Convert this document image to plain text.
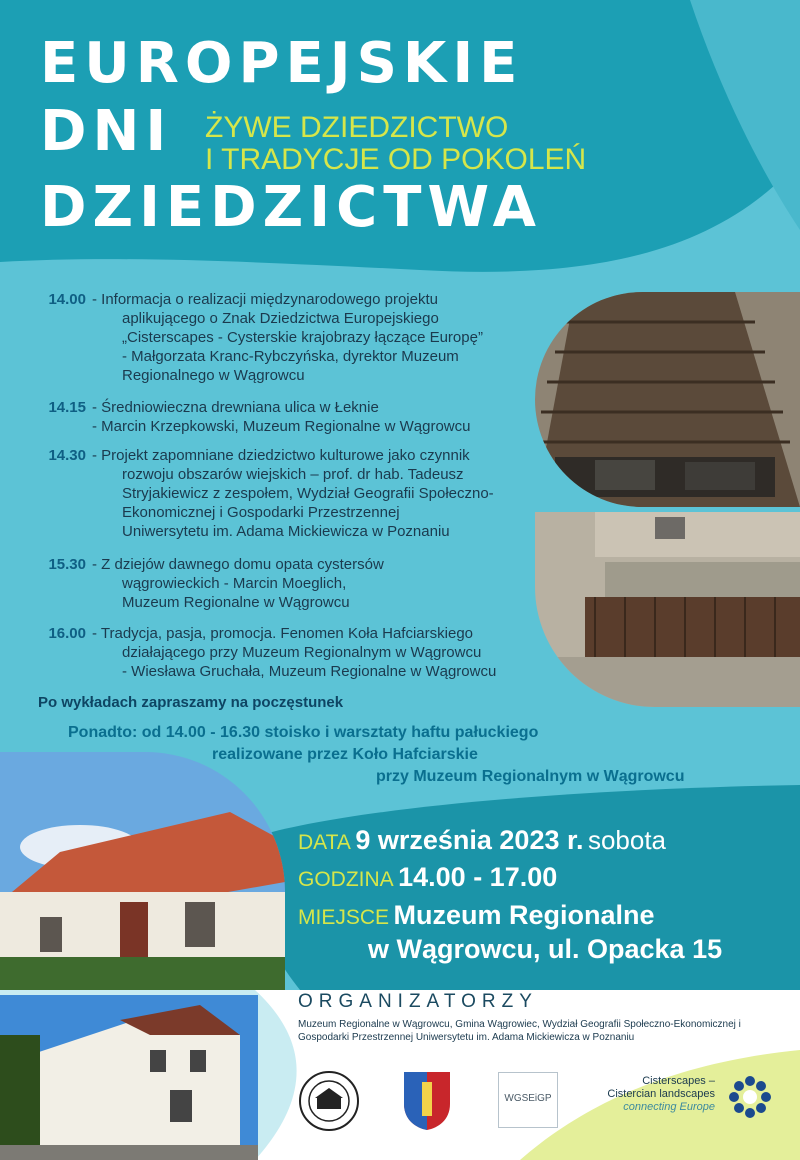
EUROPEJSKIE
DNI
DZIEDZICTWA
ŻYWE DZIEDZICTWO
I TRADYCJE OD POKOLEŃ
14.00 - Informacja o realizacji międzynarodowego projektu
aplikującego o Znak Dziedzictwa Europejskiego
„Cisterscapes - Cysterskie krajobrazy łączące Europę”
- Małgorzata Kranc-Rybczyńska, dyrektor Muzeum
Regionalnego w Wągrowcu
14.15 - Średniowieczna drewniana ulica w Łeknie
- Marcin Krzepkowski, Muzeum Regionalne w Wągrowcu
14.30 - Projekt zapomniane dziedzictwo kulturowe jako czynnik
rozwoju obszarów wiejskich – prof. dr hab. Tadeusz
Stryjakiewicz z zespołem, Wydział Geografii Społeczno-
Ekonomicznej i Gospodarki Przestrzennej
Uniwersytetu im. Adama Mickiewicza w Poznaniu
15.30 - Z dziejów dawnego domu opata cystersów
wągrowieckich - Marcin Moeglich,
Muzeum Regionalne w Wągrowcu
16.00 - Tradycja, pasja, promocja. Fenomen Koła Hafciarskiego
działającego przy Muzeum Regionalnym w Wągrowcu
- Wiesława Gruchała, Muzeum Regionalne w Wągrowcu
Po wykładach zapraszamy na poczęstunek
Ponadto: od 14.00 - 16.30 stoisko i warsztaty haftu pałuckiego
realizowane przez Koło Hafciarskie
przy Muzeum Regionalnym w Wągrowcu
DATA 9 września 2023 r. sobota
GODZINA 14.00 - 17.00
MIEJSCE Muzeum Regionalne
w Wągrowcu, ul. Opacka 15
ORGANIZATORZY
Muzeum Regionalne w Wągrowcu, Gmina Wągrowiec, Wydział Geografii Społeczno-Ekonomicznej i Gospodarki Przestrzennej Uniwersytetu im. Adama Mickiewicza w Poznaniu
WGSEiGP
Cisterscapes –
Cistercian landscapes
connecting Europe
